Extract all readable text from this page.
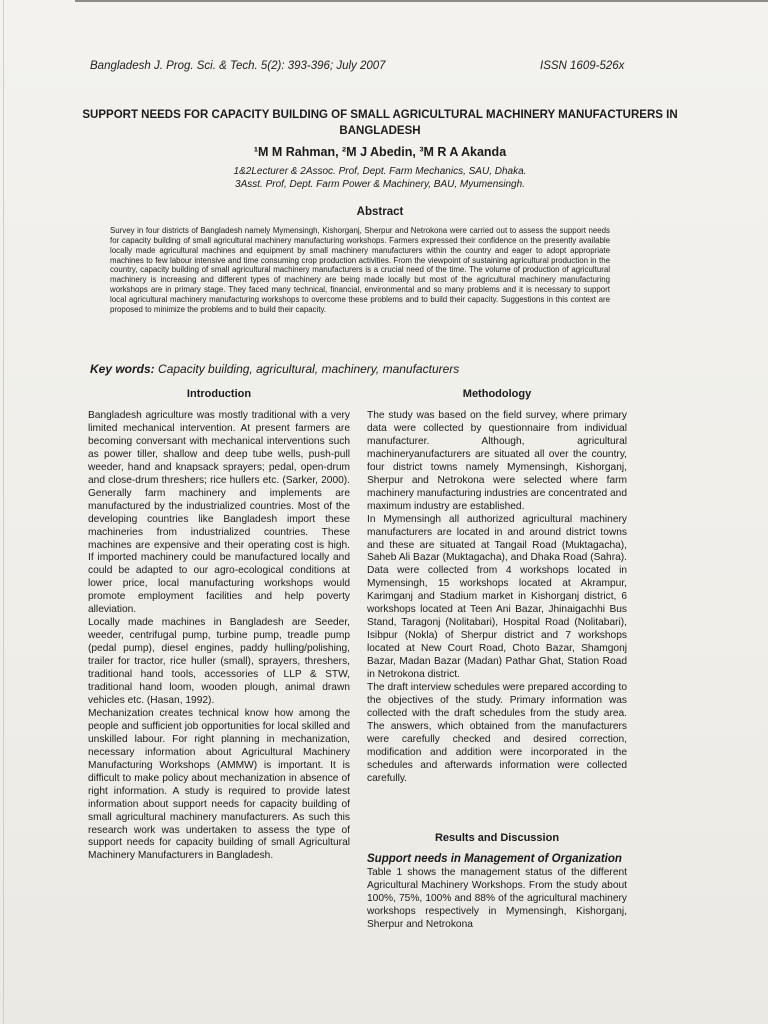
Bangladesh J. Prog. Sci. & Tech. 5(2): 393-396; July 2007	ISSN 1609-526x
SUPPORT NEEDS FOR CAPACITY BUILDING OF SMALL AGRICULTURAL MACHINERY MANUFACTURERS IN BANGLADESH
¹M M Rahman, ²M J Abedin, ³M R A Akanda
1&2Lecturer & 2Assoc. Prof, Dept. Farm Mechanics, SAU, Dhaka.
3Asst. Prof, Dept. Farm Power & Machinery, BAU, Myumensingh.
Abstract
Survey in four districts of Bangladesh namely Mymensingh, Kishorganj, Sherpur and Netrokona were carried out to assess the support needs for capacity building of small agricultural machinery manufacturing workshops. Farmers expressed their confidence on the presently available locally made agricultural machines and equipment by small machinery manufacturers within the country and eager to adopt appropriate machines to few labour intensive and time consuming crop production activities. From the viewpoint of sustaining agricultural production in the country, capacity building of small agricultural machinery manufacturers is a crucial need of the time. The volume of production of agricultural machinery is increasing and different types of machinery are being made locally but most of the agricultural machinery manufacturing workshops are in primary stage. They faced many technical, financial, environmental and so many problems and it is necessary to support local agricultural machinery manufacturing workshops to overcome these problems and to build their capacity. Suggestions in this context are proposed to minimize the problems and to build their capacity.
Key words: Capacity building, agricultural, machinery, manufacturers
Introduction

Bangladesh agriculture was mostly traditional with a very limited mechanical intervention. At present farmers are becoming conversant with mechanical interventions such as power tiller, shallow and deep tube wells, push-pull weeder, hand and knapsack sprayers; pedal, open-drum and close-drum threshers; rice hullers etc. (Sarker, 2000). Generally farm machinery and implements are manufactured by the industrialized countries. Most of the developing countries like Bangladesh import these machineries from industrialized countries. These machines are expensive and their operating cost is high. If imported machinery could be manufactured locally and could be adapted to our agro-ecological conditions at lower price, local manufacturing workshops would promote employment facilities and help poverty alleviation.

Locally made machines in Bangladesh are Seeder, weeder, centrifugal pump, turbine pump, treadle pump (pedal pump), diesel engines, paddy hulling/polishing, trailer for tractor, rice huller (small), sprayers, threshers, traditional hand tools, accessories of LLP & STW, traditional hand loom, wooden plough, animal drawn vehicles etc. (Hasan, 1992).

Mechanization creates technical know how among the people and sufficient job opportunities for local skilled and unskilled labour. For right planning in mechanization, necessary information about Agricultural Machinery Manufacturing Workshops (AMMW) is important. It is difficult to make policy about mechanization in absence of right information. A study is required to provide latest information about support needs for capacity building of small agricultural machinery manufacturers. As such this research work was undertaken to assess the type of support needs for capacity building of small Agricultural Machinery Manufacturers in Bangladesh.

Methodology

The study was based on the field survey, where primary data were collected by questionnaire from individual manufacturer. Although, agricultural machineryanufacturers are situated all over the country, four district towns namely Mymensingh, Kishorganj, Sherpur and Netrokona were selected where farm machinery manufacturing industries are concentrated and maximum industry are established.

In Mymensingh all authorized agricultural machinery manufacturers are located in and around district towns and these are situated at Tangail Road (Muktagacha), Saheb Ali Bazar (Muktagacha), and Dhaka Road (Sahra). Data were collected from 4 workshops located in Mymensingh, 15 workshops located at Akrampur, Karimganj and Stadium market in Kishorganj district, 6 workshops located at Teen Ani Bazar, Jhinaigachhi Bus Stand, Taragonj (Nolitabari), Hospital Road (Nolitabari), Isibpur (Nokla) of Sherpur district and 7 workshops located at New Court Road, Choto Bazar, Shamgonj Bazar, Madan Bazar (Madan) Pathar Ghat, Station Road in Netrokona district.

The draft interview schedules were prepared according to the objectives of the study. Primary information was collected with the draft schedules from the study area. The answers, which obtained from the manufacturers were carefully checked and desired correction, modification and addition were incorporated in the schedules and afterwards information were collected carefully.

Results and Discussion
Support needs in Management of Organization

Table 1 shows the management status of the different Agricultural Machinery Workshops. From the study about 100%, 75%, 100% and 88% of the agricultural machinery workshops respectively in Mymensingh, Kishorganj, Sherpur and Netrokona
